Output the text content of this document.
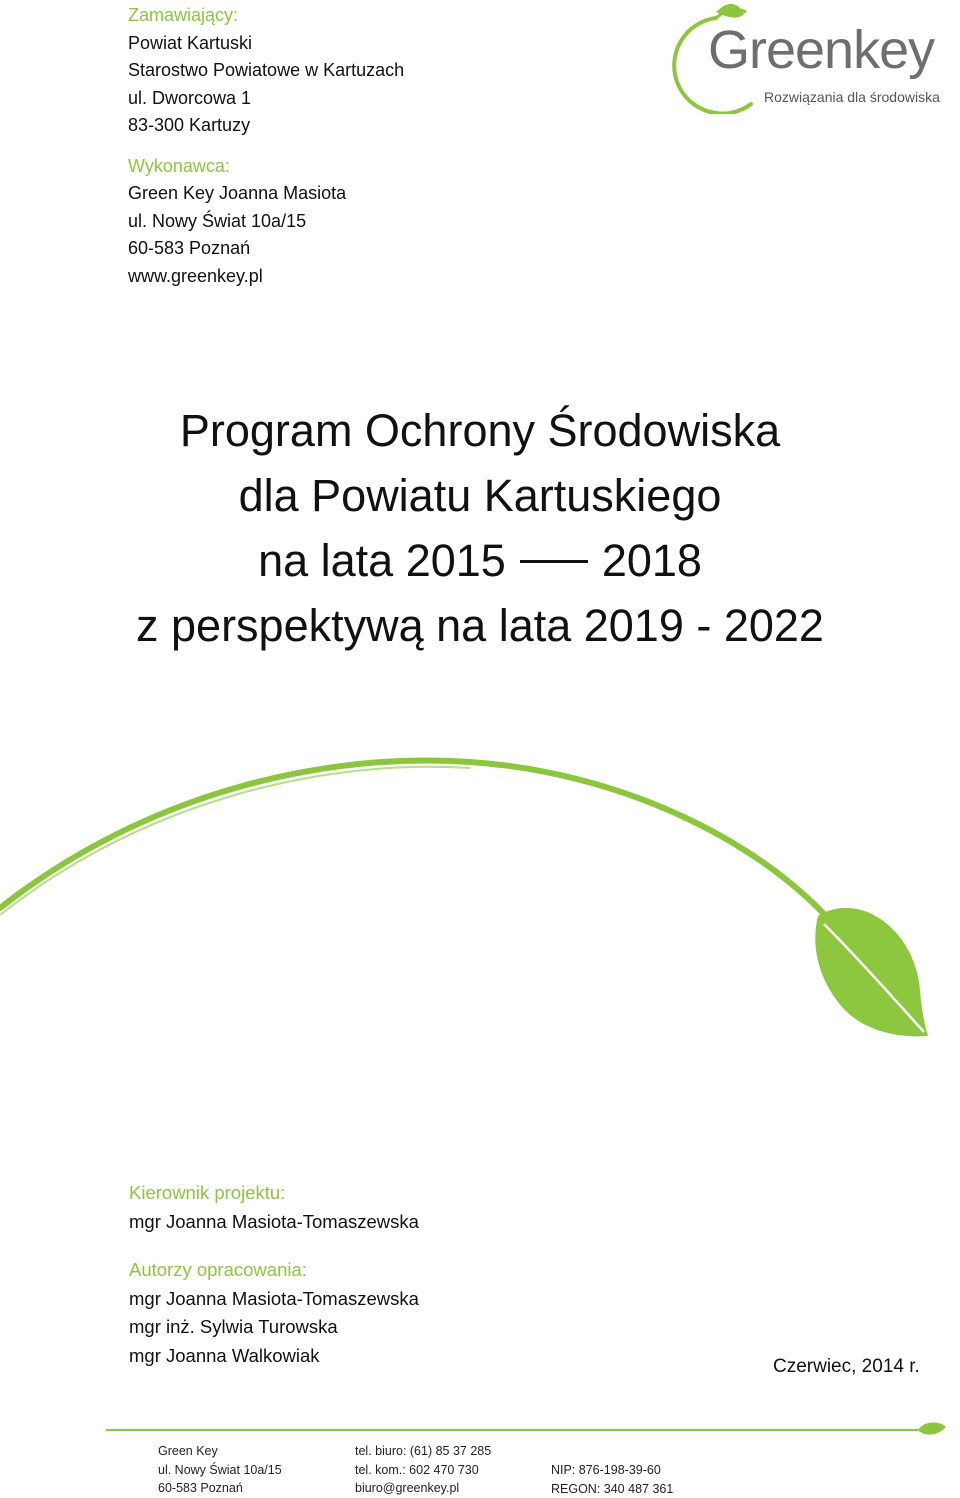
Zamawiający:
Powiat Kartuski
Starostwo Powiatowe w Kartuzach
ul. Dworcowa 1
83-300 Kartuzy
Wykonawca:
Green Key Joanna Masiota
ul. Nowy Świat 10a/15
60-583 Poznań
www.greenkey.pl
Greenkey
Rozwiązania dla środowiska
Program Ochrony Środowiska
dla Powiatu Kartuskiego
na lata 2015 2018
z perspektywą na lata 2019 - 2022
Kierownik projektu:
mgr Joanna Masiota-Tomaszewska
Autorzy opracowania:
mgr Joanna Masiota-Tomaszewska
mgr inż. Sylwia Turowska
mgr Joanna Walkowiak
Czerwiec, 2014 r.
Green Key
ul. Nowy Świat 10a/15
60-583 Poznań
tel. biuro: (61) 85 37 285
tel. kom.: 602 470 730
biuro@greenkey.pl
NIP: 876-198-39-60
REGON: 340 487 361
